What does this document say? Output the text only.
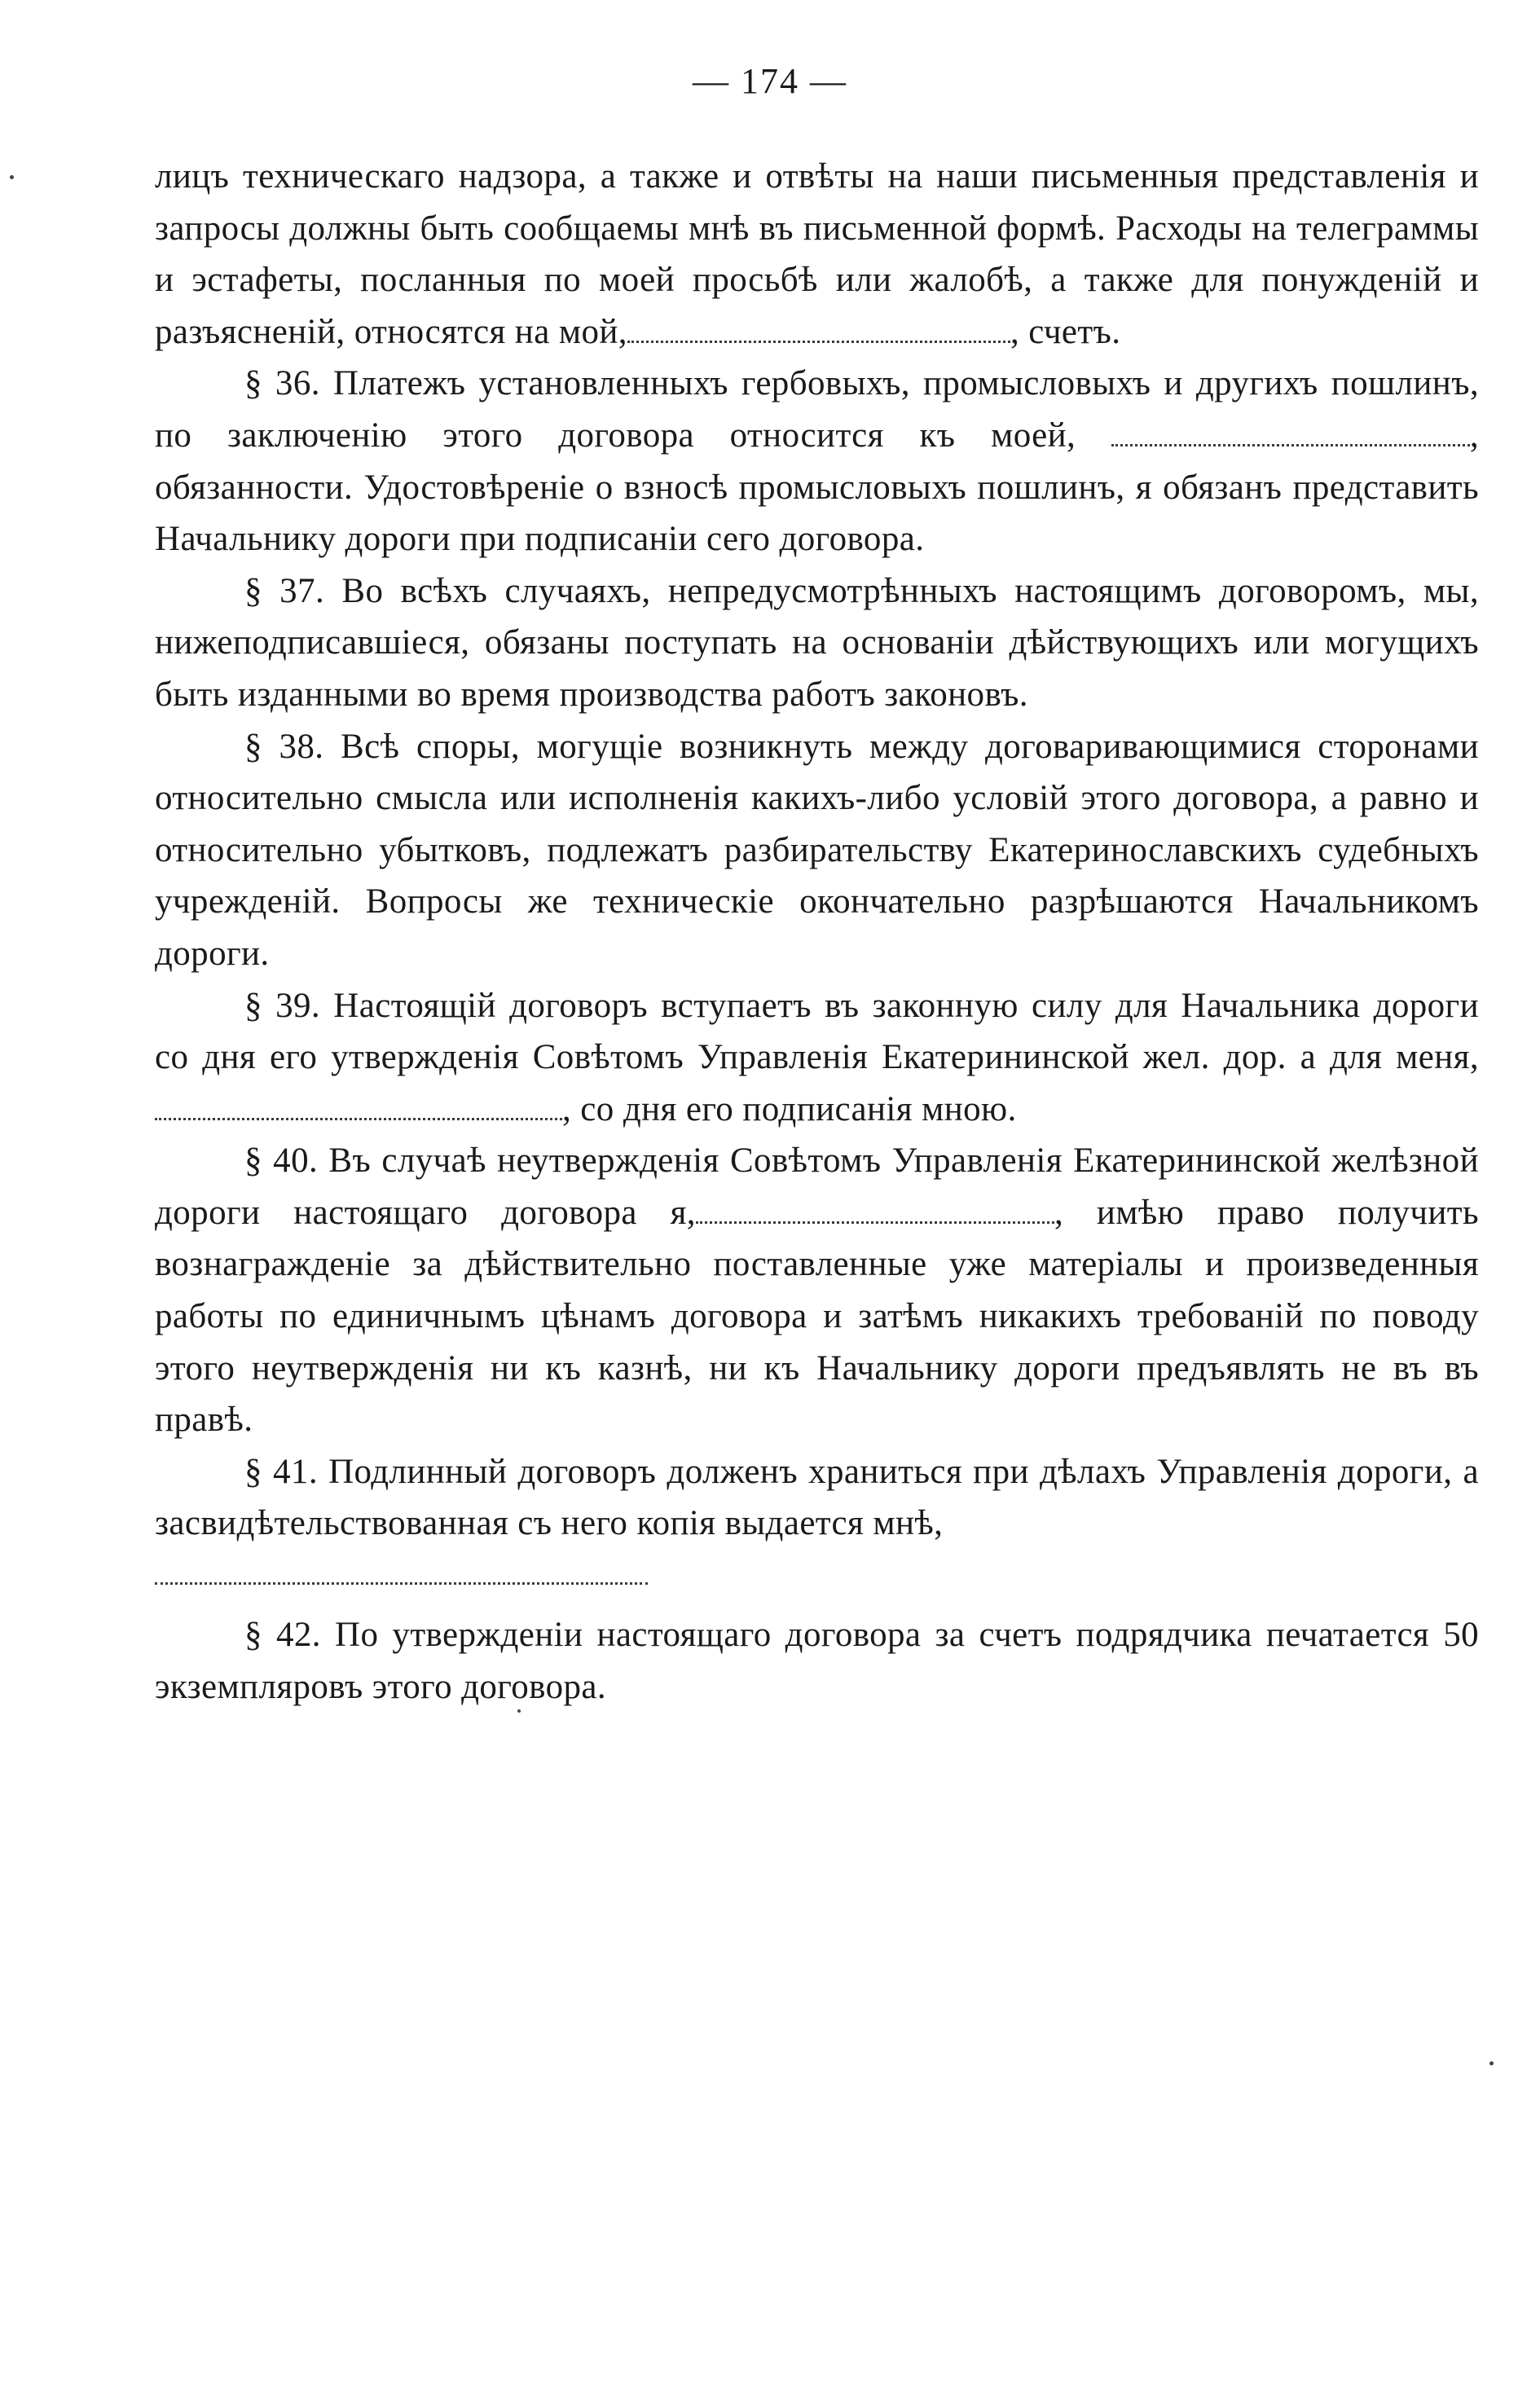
— 174 —

лицъ техническаго надзора, а также и отвѣты на наши письменныя представленія и запросы должны быть сообщаемы мнѣ въ письменной формѣ. Расходы на телеграммы и эстафеты, посланныя по моей просьбѣ или жалобѣ, а также для понужденій и разъясненій, относятся на мой,	, счетъ.

§ 36. Платежъ установленныхъ гербовыхъ, промысловыхъ и другихъ пошлинъ, по заключенію этого договора относится къ моей,	, обязанности. Удостовѣреніе о взносѣ промысловыхъ пошлинъ, я обязанъ представить Начальнику дороги при подписаніи сего договора.

§ 37. Во всѣхъ случаяхъ, непредусмотрѣнныхъ настоящимъ договоромъ, мы, нижеподписавшіеся, обязаны поступать на основаніи дѣйствующихъ или могущихъ быть изданными во время производства работъ законовъ.

§ 38. Всѣ споры, могущіе возникнуть между договаривающимися сторонами относительно смысла или исполненія какихъ-либо условій этого договора, а равно и относительно убытковъ, подлежатъ разбирательству Екатеринославскихъ судебныхъ учрежденій. Вопросы же техническіе окончательно разрѣшаются Начальникомъ дороги.

§ 39. Настоящій договоръ вступаетъ въ законную силу для Начальника дороги со дня его утвержденія Совѣтомъ Управленія Екатерининской жел. дор. а для меня,, со дня его подписанія мною.

§ 40. Въ случаѣ неутвержденія Совѣтомъ Управленія Екатерининской желѣзной дороги настоящаго договора я,	, имѣю право получить вознагражденіе за дѣйствительно поставленные уже матеріалы и произведенныя работы по единичнымъ цѣнамъ договора и затѣмъ никакихъ требованій по поводу этого неутвержденія ни къ казнѣ, ни къ Начальнику дороги предъявлять не въ въ правѣ.

§ 41. Подлинный договоръ долженъ храниться при дѣлахъ Управленія дороги, а засвидѣтельствованная съ него копія выдается мнѣ,

§ 42. По утвержденіи настоящаго договора за счетъ подрядчика печатается 50 экземпляровъ этого договора.
